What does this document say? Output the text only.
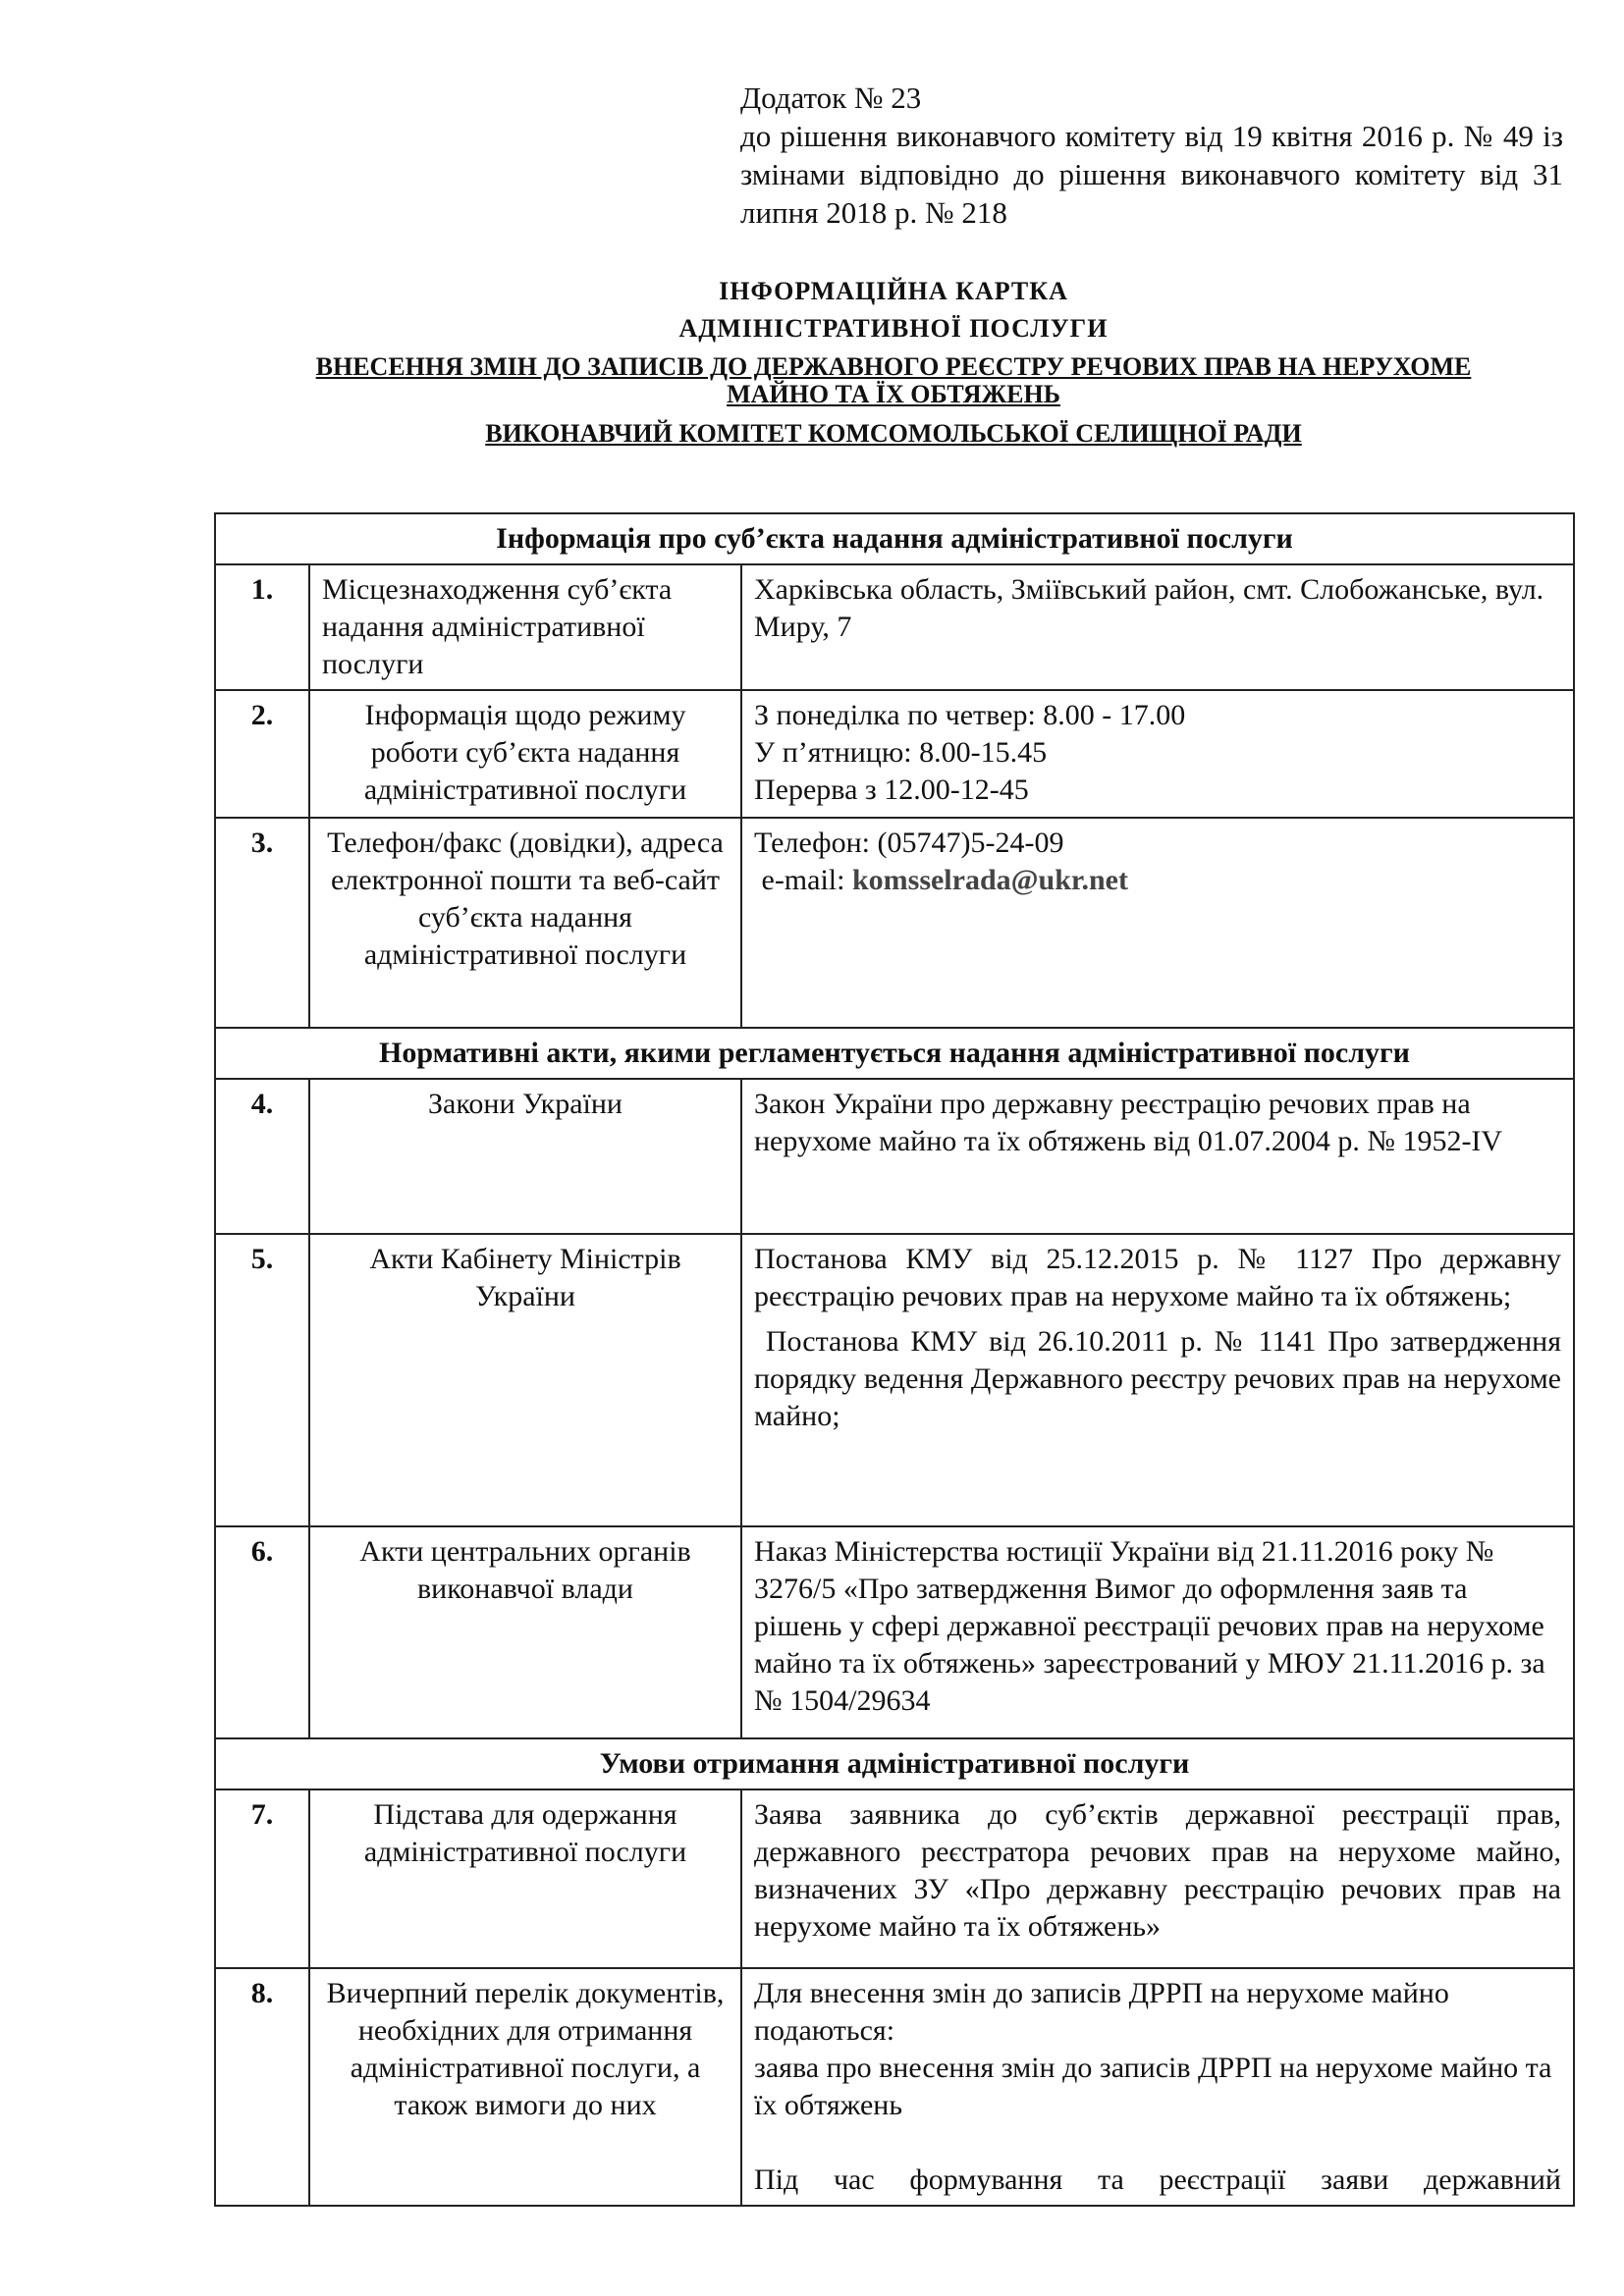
Додаток № 23
до рішення виконавчого комітету від 19 квітня 2016 р. № 49 із змінами відповідно до рішення виконавчого комітету від 31 липня 2018 р. № 218
ІНФОРМАЦІЙНА КАРТКА
АДМІНІСТРАТИВНОЇ ПОСЛУГИ
ВНЕСЕННЯ ЗМІН ДО ЗАПИСІВ ДО ДЕРЖАВНОГО РЕЄСТРУ РЕЧОВИХ ПРАВ НА НЕРУХОМЕ
МАЙНО ТА ЇХ ОБТЯЖЕНЬ
ВИКОНАВЧИЙ КОМІТЕТ КОМСОМОЛЬСЬКОЇ СЕЛИЩНОЇ РАДИ
Інформація про суб’єкта надання адміністративної послуги		
1.	Місцезнаходження суб’єкта надання адміністративної послуги	Харківська область, Зміївський район, смт. Слобожанське, вул. Миру, 7

2.	Інформація щодо режиму роботи суб’єкта надання адміністративної послуги	З понеділка по четвер: 8.00 - 17.00

У п’ятницю: 8.00-15.45

Перерва з 12.00-12-45

3.	Телефон/факс (довідки), адреса електронної пошти та веб-сайт суб’єкта надання адміністративної послуги	Телефон: (05747)5-24-09

e-mail: komsselrada@ukr.net

Нормативні акти, якими регламентується надання адміністративної послуги		
4.	Закони України	Закон України про державну реєстрацію речових прав на нерухоме майно та їх обтяжень від 01.07.2004 р. № 1952-IV

5.	Акти Кабінету Міністрів України	Постанова КМУ від 25.12.2015 р. № 1127 Про державну реєстрацію речових прав на нерухоме майно та їх обтяжень;

Постанова КМУ від 26.10.2011 р. № 1141 Про затвердження порядку ведення Державного реєстру речових прав на нерухоме майно;

6.	Акти центральних органів виконавчої влади	Наказ Міністерства юстиції України від 21.11.2016 року № 3276/5 «Про затвердження Вимог до оформлення заяв та рішень у сфері державної реєстрації речових прав на нерухоме майно та їх обтяжень» зареєстрований у МЮУ 21.11.2016 р. за № 1504/29634

Умови отримання адміністративної послуги		
7.	Підстава для одержання адміністративної послуги	Заява заявника до суб’єктів державної реєстрації прав, державного реєстратора речових прав на нерухоме майно, визначених ЗУ «Про державну реєстрацію речових прав на нерухоме майно та їх обтяжень»

8.	Вичерпний перелік документів, необхідних для отримання адміністративної послуги, а також вимоги до них	Для внесення змін до записів ДРРП на нерухоме майно подаються:

заява про внесення змін до записів ДРРП на нерухоме майно та їх обтяжень

Під час формування та реєстрації заяви державний
